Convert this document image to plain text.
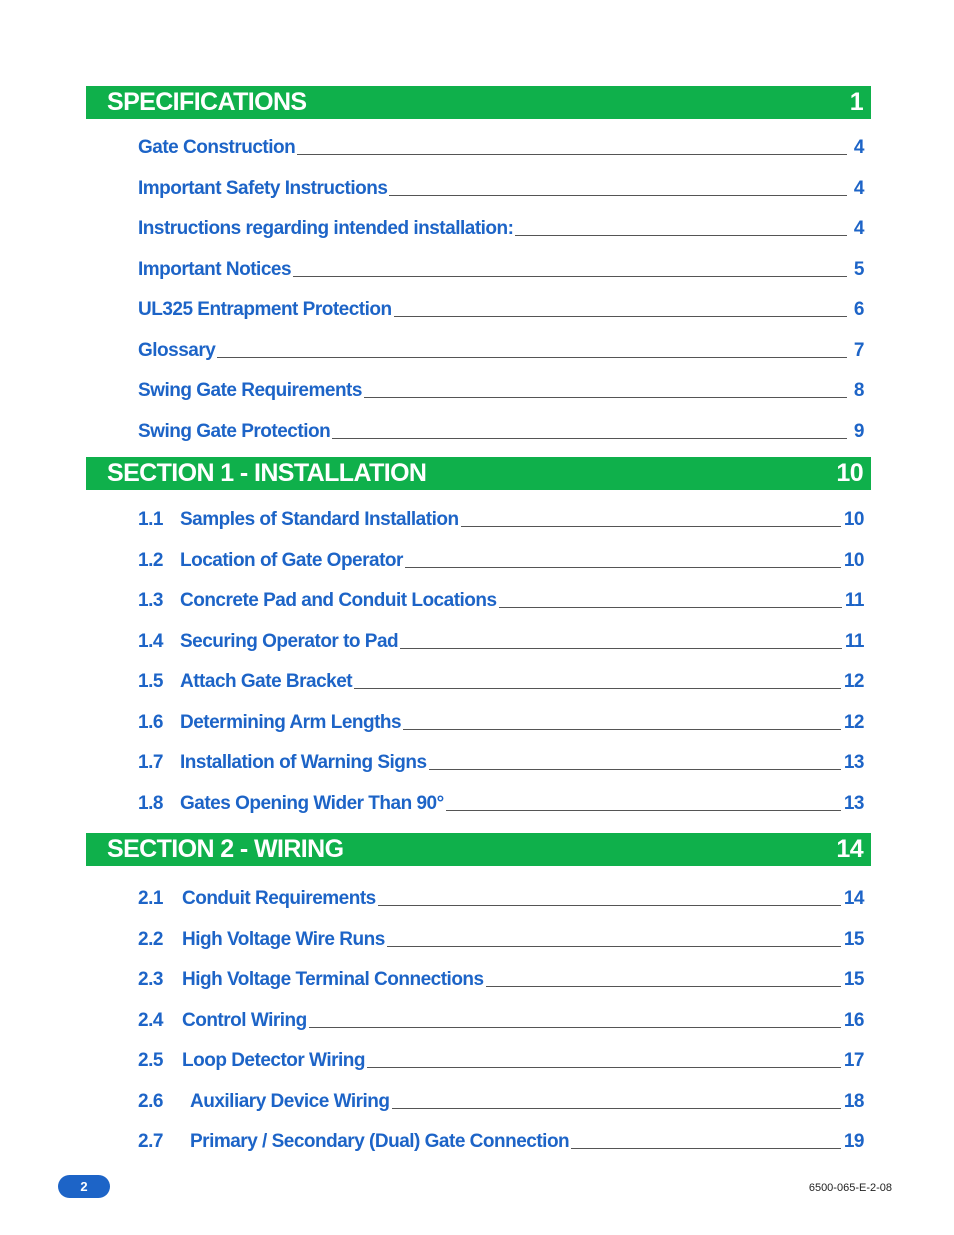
SPECIFICATIONS	1
Gate Construction	4
Important Safety Instructions	4
Instructions regarding intended installation:	4
Important Notices	5
UL325 Entrapment Protection	6
Glossary	7
Swing Gate Requirements	8
Swing Gate Protection	9
SECTION 1 - INSTALLATION	10
1.1 Samples of Standard Installation	10
1.2 Location of Gate Operator	10
1.3 Concrete Pad and Conduit Locations	11
1.4 Securing Operator to Pad	11
1.5 Attach Gate Bracket	12
1.6 Determining Arm Lengths	12
1.7 Installation of Warning Signs	13
1.8 Gates Opening Wider Than 90°	13
SECTION 2 - WIRING	14
2.1	Conduit Requirements	14
2.2	High Voltage Wire Runs	15
2.3	High Voltage Terminal Connections	15
2.4	Control Wiring	16
2.5	Loop Detector Wiring	17
2.6	Auxiliary Device Wiring	18
2.7	Primary / Secondary (Dual) Gate Connection	19
2	6500-065-E-2-08
